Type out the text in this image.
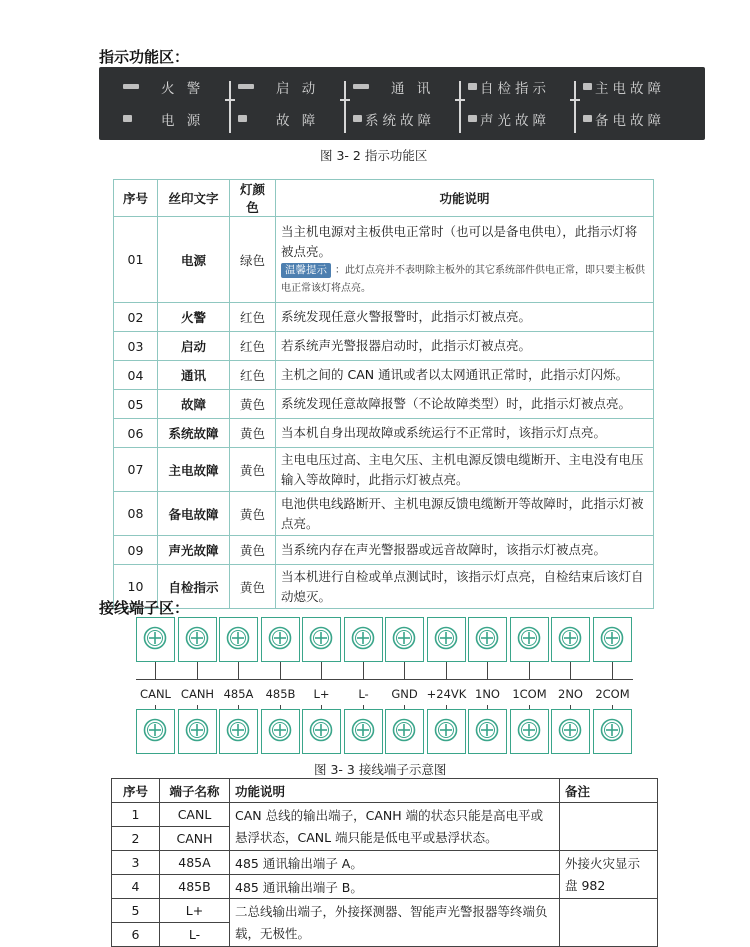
指示功能区：
火 警	启 动	通 讯	自检指示	主电故障
电 源	故 障	系统故障	声光故障	备电故障
图 3- 2 指示功能区
序号	丝印文字	灯颜色	功能说明
01	电源	绿色	当主机电源对主板供电正常时（也可以是备电供电），此指示灯将被点亮。
温馨提示 ：此灯点亮并不表明除主板外的其它系统部件供电正常，即只要主板供电正常该灯将点亮。

02	火警	红色	系统发现任意火警报警时，此指示灯被点亮。
03	启动	红色	若系统声光警报器启动时，此指示灯被点亮。
04	通讯	红色	主机之间的 CAN 通讯或者以太网通讯正常时，此指示灯闪烁。
05	故障	黄色	系统发现任意故障报警（不论故障类型）时，此指示灯被点亮。
06	系统故障	黄色	当本机自身出现故障或系统运行不正常时，该指示灯点亮。
07	主电故障	黄色	主电电压过高、主电欠压、主机电源反馈电缆断开、主电没有电压输入等故障时，此指示灯被点亮。
08	备电故障	黄色	电池供电线路断开、主机电源反馈电缆断开等故障时，此指示灯被点亮。
09	声光故障	黄色	当系统内存在声光警报器或远音故障时，该指示灯被点亮。
10	自检指示	黄色	当本机进行自检或单点测试时，该指示灯点亮，自检结束后该灯自动熄灭。
接线端子区：
CANL CANH 485A	485B	L+	L-	GND +24VK 1NO	1COM 2NO	2COM
图 3- 3 接线端子示意图
序号	端子名称	功能说明	备注
1	CANL	CAN 总线的输出端子，CANH 端的状态只能是高电平或悬浮状态，CANL 端只能是低电平或悬浮状态。	
2	CANH		
3	485A	485 通讯输出端子 A。	外接火灾显示盘 982
4	485B	485 通讯输出端子 B。	
5	L+	二总线输出端子，外接探测器、智能声光警报器等终端负载，无极性。	
6	L-		
